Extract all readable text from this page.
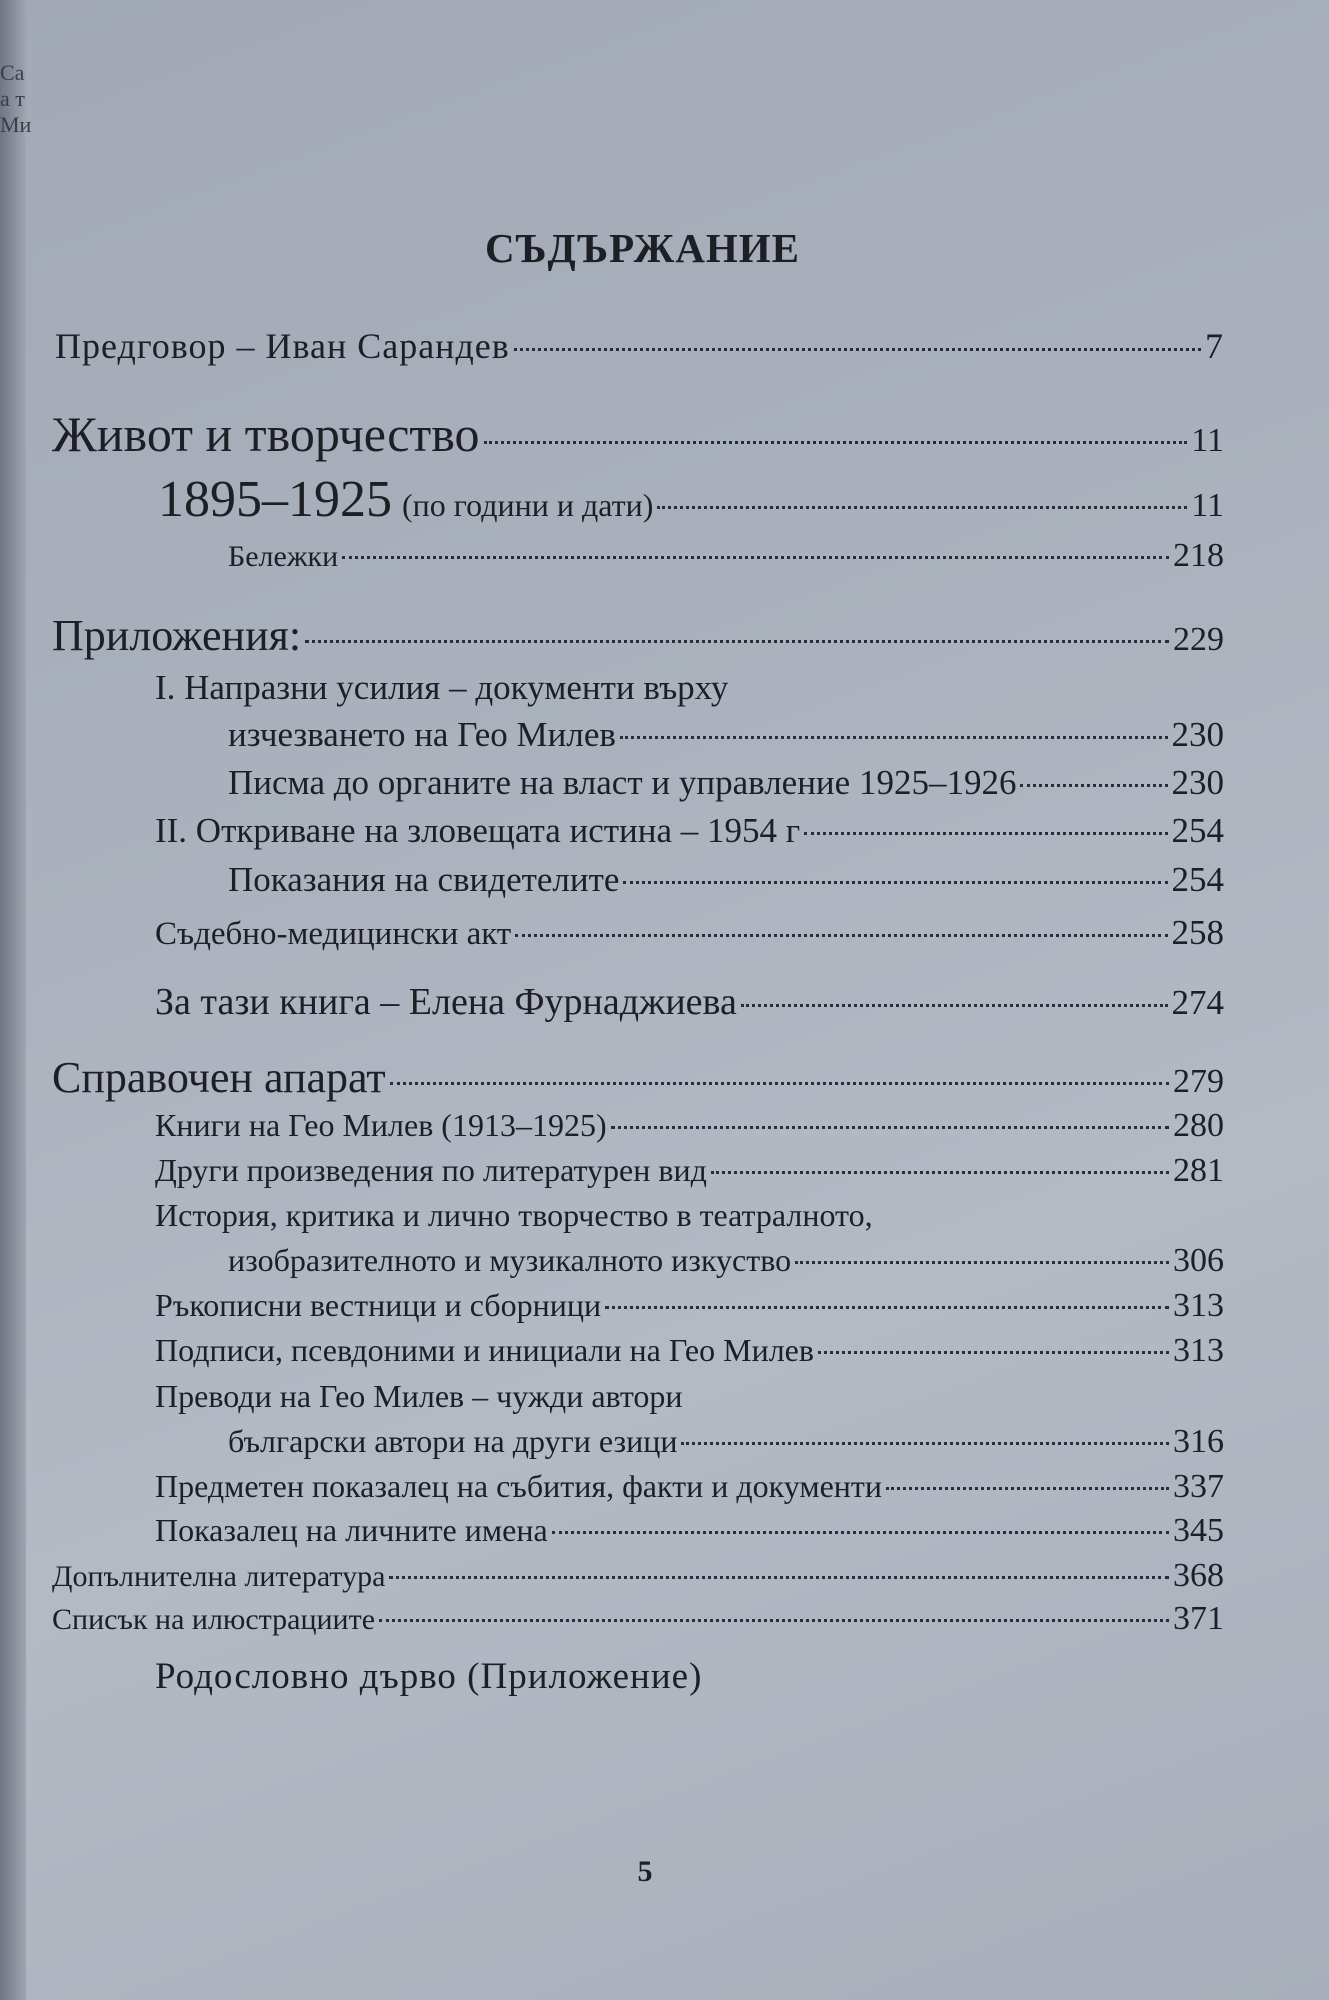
Ca
а т
Ми
СЪДЪРЖАНИЕ
Предговор – Иван Сарандев	7
Живот и творчество	11
1895–1925 (по години и дати)	11
Бележки	218
Приложения:	229
I. Напразни усилия – документи върху
изчезването на Гео Милев	230
Писма до органите на власт и управление 1925–1926	230
II. Откриване на зловещата истина – 1954 г	254
Показания на свидетелите	254
Съдебно-медицински акт	258
За тази книга – Елена Фурнаджиева	274
Справочен апарат	279
Книги на Гео Милев (1913–1925)	280
Други произведения по литературен вид	281
История, критика и лично творчество в театралното,
изобразителното и музикалното изкуство	306
Ръкописни вестници и сборници	313
Подписи, псевдоними и инициали на Гео Милев	313
Преводи на Гео Милев – чужди автори
български автори на други езици	316
Предметен показалец на събития, факти и документи	337
Показалец на личните имена	345
Допълнителна литература	368
Списък на илюстрациите	371
Родословно дърво (Приложение)
5
